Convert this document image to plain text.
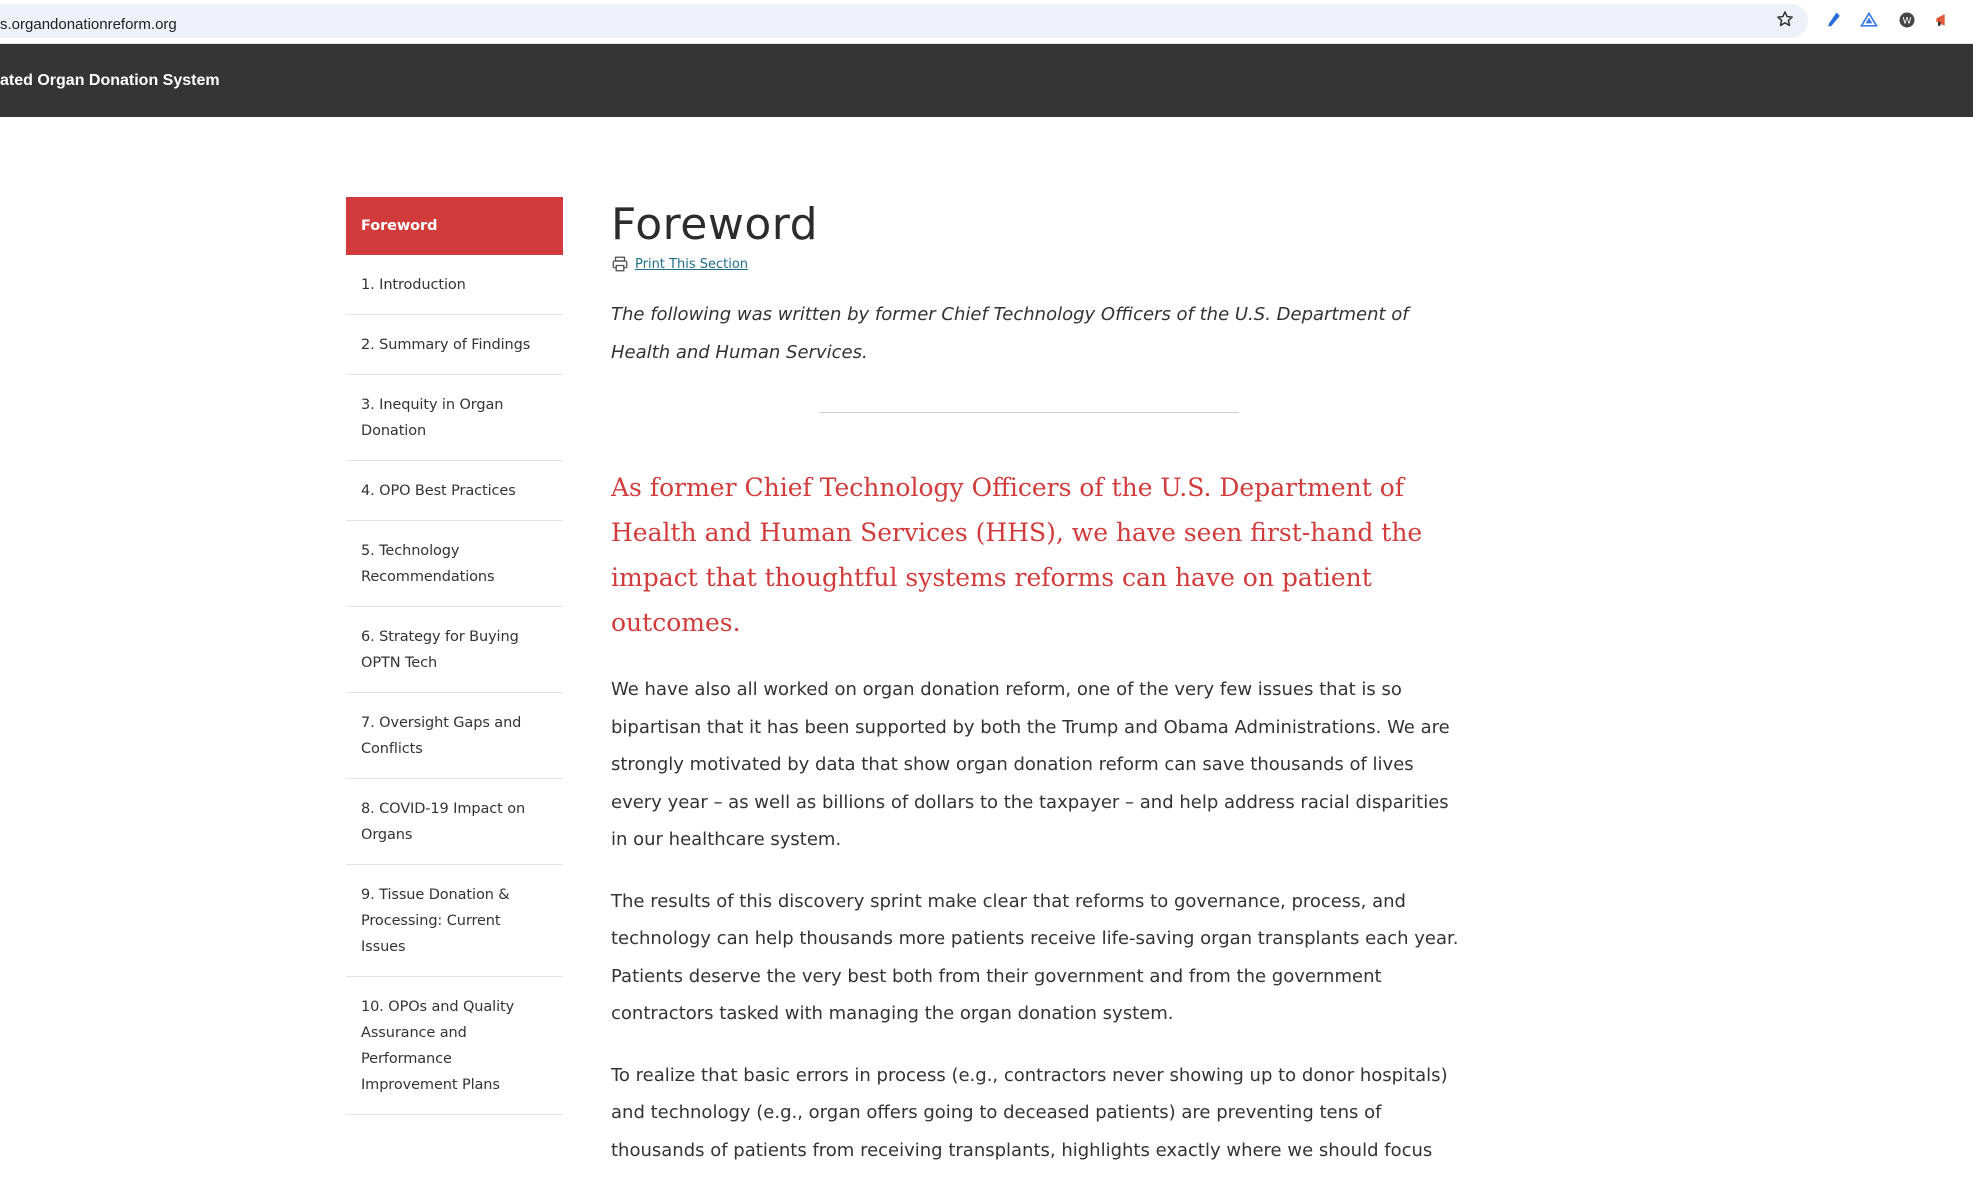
s.organdonationreform.org	W
ated Organ Donation System
Foreword
1. Introduction
2. Summary of Findings
3. Inequity in Organ Donation
4. OPO Best Practices
5. Technology Recommendations
6. Strategy for Buying OPTN Tech
7. Oversight Gaps and Conflicts
8. COVID-19 Impact on Organs
9. Tissue Donation & Processing: Current Issues
10. OPOs and Quality Assurance and Performance Improvement Plans
Foreword
Print This Section

The following was written by former Chief Technology Officers of the U.S. Department of Health and Human Services.

As former Chief Technology Officers of the U.S. Department of Health and Human Services (HHS), we have seen first-hand the impact that thoughtful systems reforms can have on patient outcomes.

We have also all worked on organ donation reform, one of the very few issues that is so bipartisan that it has been supported by both the Trump and Obama Administrations. We are strongly motivated by data that show organ donation reform can save thousands of lives every year – as well as billions of dollars to the taxpayer – and help address racial disparities in our healthcare system.

The results of this discovery sprint make clear that reforms to governance, process, and technology can help thousands more patients receive life-saving organ transplants each year. Patients deserve the very best both from their government and from the government contractors tasked with managing the organ donation system.

To realize that basic errors in process (e.g., contractors never showing up to donor hospitals) and technology (e.g., organ offers going to deceased patients) are preventing tens of thousands of patients from receiving transplants, highlights exactly where we should focus
